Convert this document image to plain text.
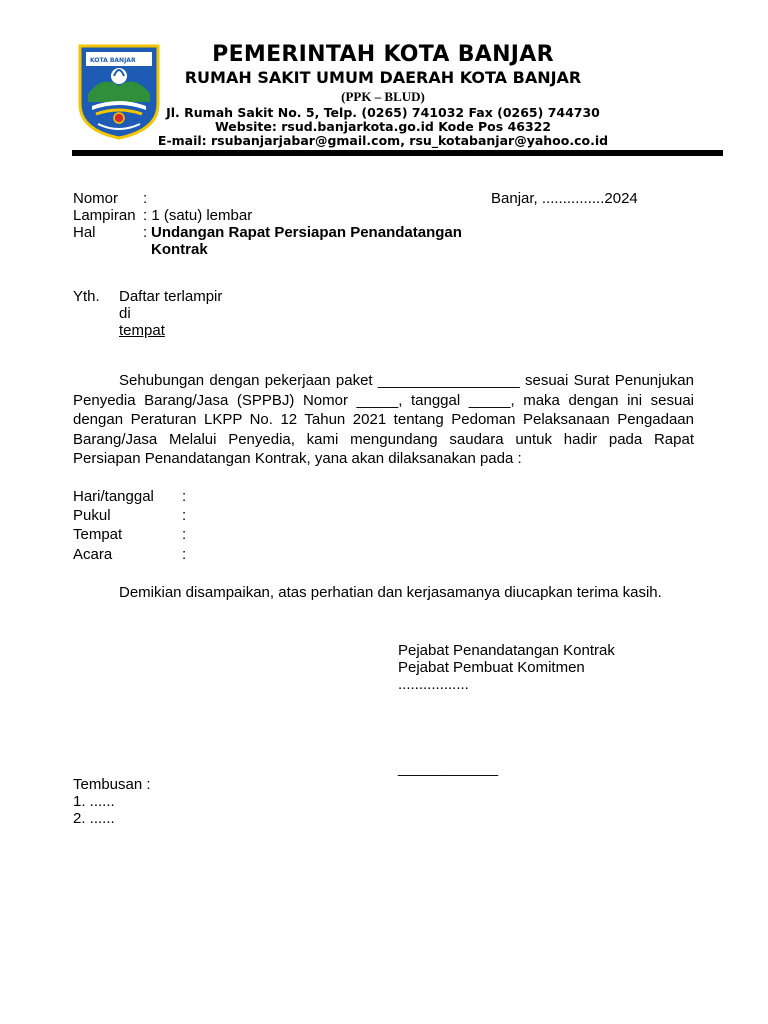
KOTA BANJAR	PEMERINTAH KOTA BANJAR
RUMAH SAKIT UMUM DAERAH KOTA BANJAR
(PPK – BLUD)
Jl. Rumah Sakit No. 5, Telp. (0265) 741032 Fax (0265) 744730
Website: rsud.banjarkota.go.id Kode Pos 46322
E-mail: rsubanjarjabar@gmail.com, rsu_kotabanjar@yahoo.co.id
Nomor :	Banjar, ...............2024
Lampiran : 1 (satu) lembar
Hal	: Undangan Rapat Persiapan Penandatangan
Kontrak
Yth. Daftar terlampir
di
tempat

Sehubungan dengan pekerjaan paket _________________ sesuai Surat Penunjukan Penyedia Barang/Jasa (SPPBJ) Nomor _____, tanggal _____, maka dengan ini sesuai dengan Peraturan LKPP No. 12 Tahun 2021 tentang Pedoman Pelaksanaan Pengadaan Barang/Jasa Melalui Penyedia, kami mengundang saudara untuk hadir pada Rapat Persiapan Penandatangan Kontrak, yana akan dilaksanakan pada :

Hari/tanggal :
Pukul	:
Tempat	:
Acara	:
Demikian disampaikan, atas perhatian dan kerjasamanya diucapkan terima kasih.
Pejabat Penandatangan Kontrak
Pejabat Pembuat Komitmen
.................
____________
Tembusan :
1. ......
2. ......
